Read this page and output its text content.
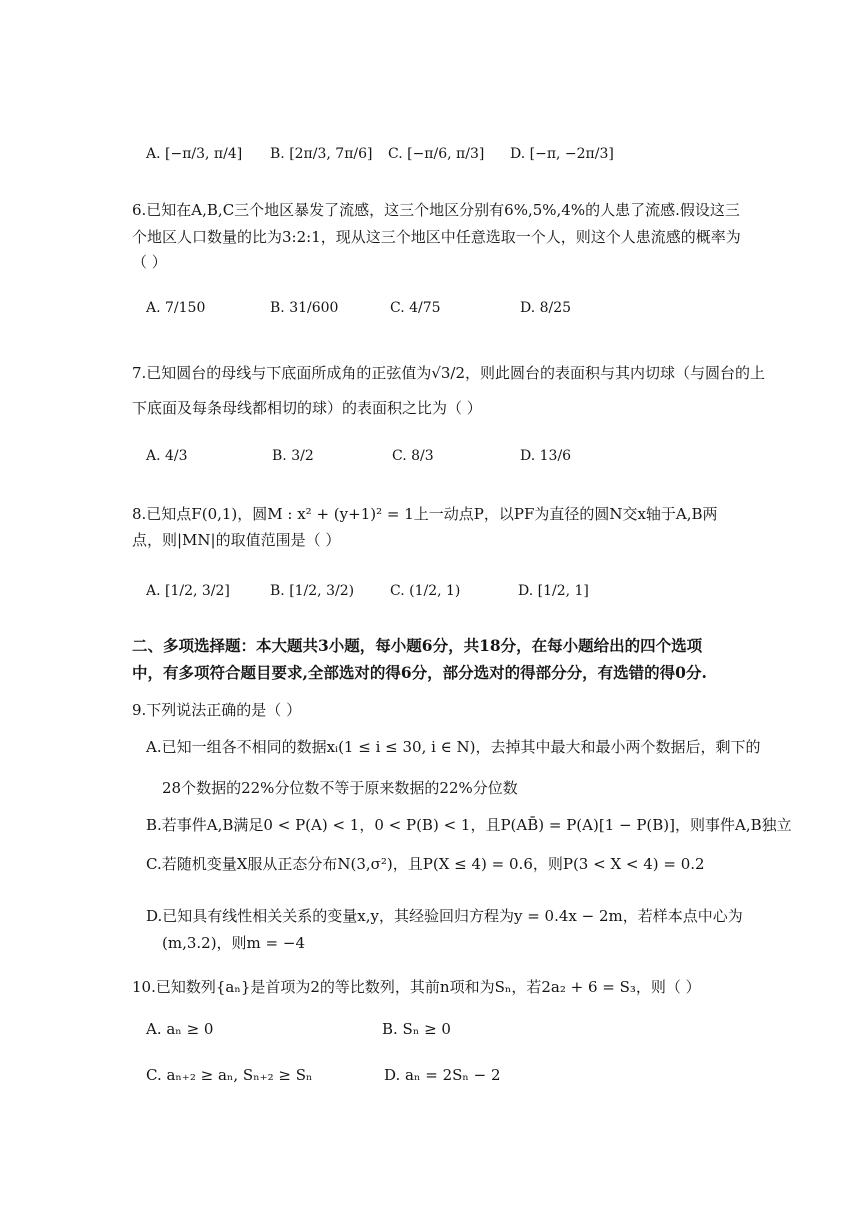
A. [−π/3, π/4] B. [2π/3, 7π/6] C. [−π/6, π/3] D. [−π, −2π/3]
6.已知在A,B,C三个地区暴发了流感，这三个地区分别有6%,5%,4%的人患了流感.假设这三
个地区人口数量的比为3:2:1，现从这三个地区中任意选取一个人，则这个人患流感的概率为
（ ）
A. 7/150	B. 31/600	C. 4/75	D. 8/25
7.已知圆台的母线与下底面所成角的正弦值为√3/2，则此圆台的表面积与其内切球（与圆台的上
下底面及每条母线都相切的球）的表面积之比为（ ）
A. 4/3	B. 3/2	C. 8/3	D. 13/6
8.已知点F(0,1)，圆M : x² + (y+1)² = 1上一动点P，以PF为直径的圆N交x轴于A,B两
点，则|MN|的取值范围是（ ）
A. [1/2, 3/2]	B. [1/2, 3/2)	C. (1/2, 1)	D. [1/2, 1]
二、多项选择题：本大题共3小题，每小题6分，共18分，在每小题给出的四个选项
中，有多项符合题目要求,全部选对的得6分，部分选对的得部分分，有选错的得0分.
9.下列说法正确的是（ ）
A.已知一组各不相同的数据xᵢ(1 ≤ i ≤ 30, i ∈ N)，去掉其中最大和最小两个数据后，剩下的
28个数据的22%分位数不等于原来数据的22%分位数
B.若事件A,B满足0 < P(A) < 1，0 < P(B) < 1，且P(AB̄) = P(A)[1 − P(B)]，则事件A,B独立
C.若随机变量X服从正态分布N(3,σ²)，且P(X ≤ 4) = 0.6，则P(3 < X < 4) = 0.2
D.已知具有线性相关关系的变量x,y，其经验回归方程为y = 0.4x − 2m，若样本点中心为
(m,3.2)，则m = −4
10.已知数列{aₙ}是首项为2的等比数列，其前n项和为Sₙ，若2a₂ + 6 = S₃，则（ ）
A. aₙ ≥ 0	B. Sₙ ≥ 0
C. aₙ₊₂ ≥ aₙ, Sₙ₊₂ ≥ Sₙ	D. aₙ = 2Sₙ − 2
